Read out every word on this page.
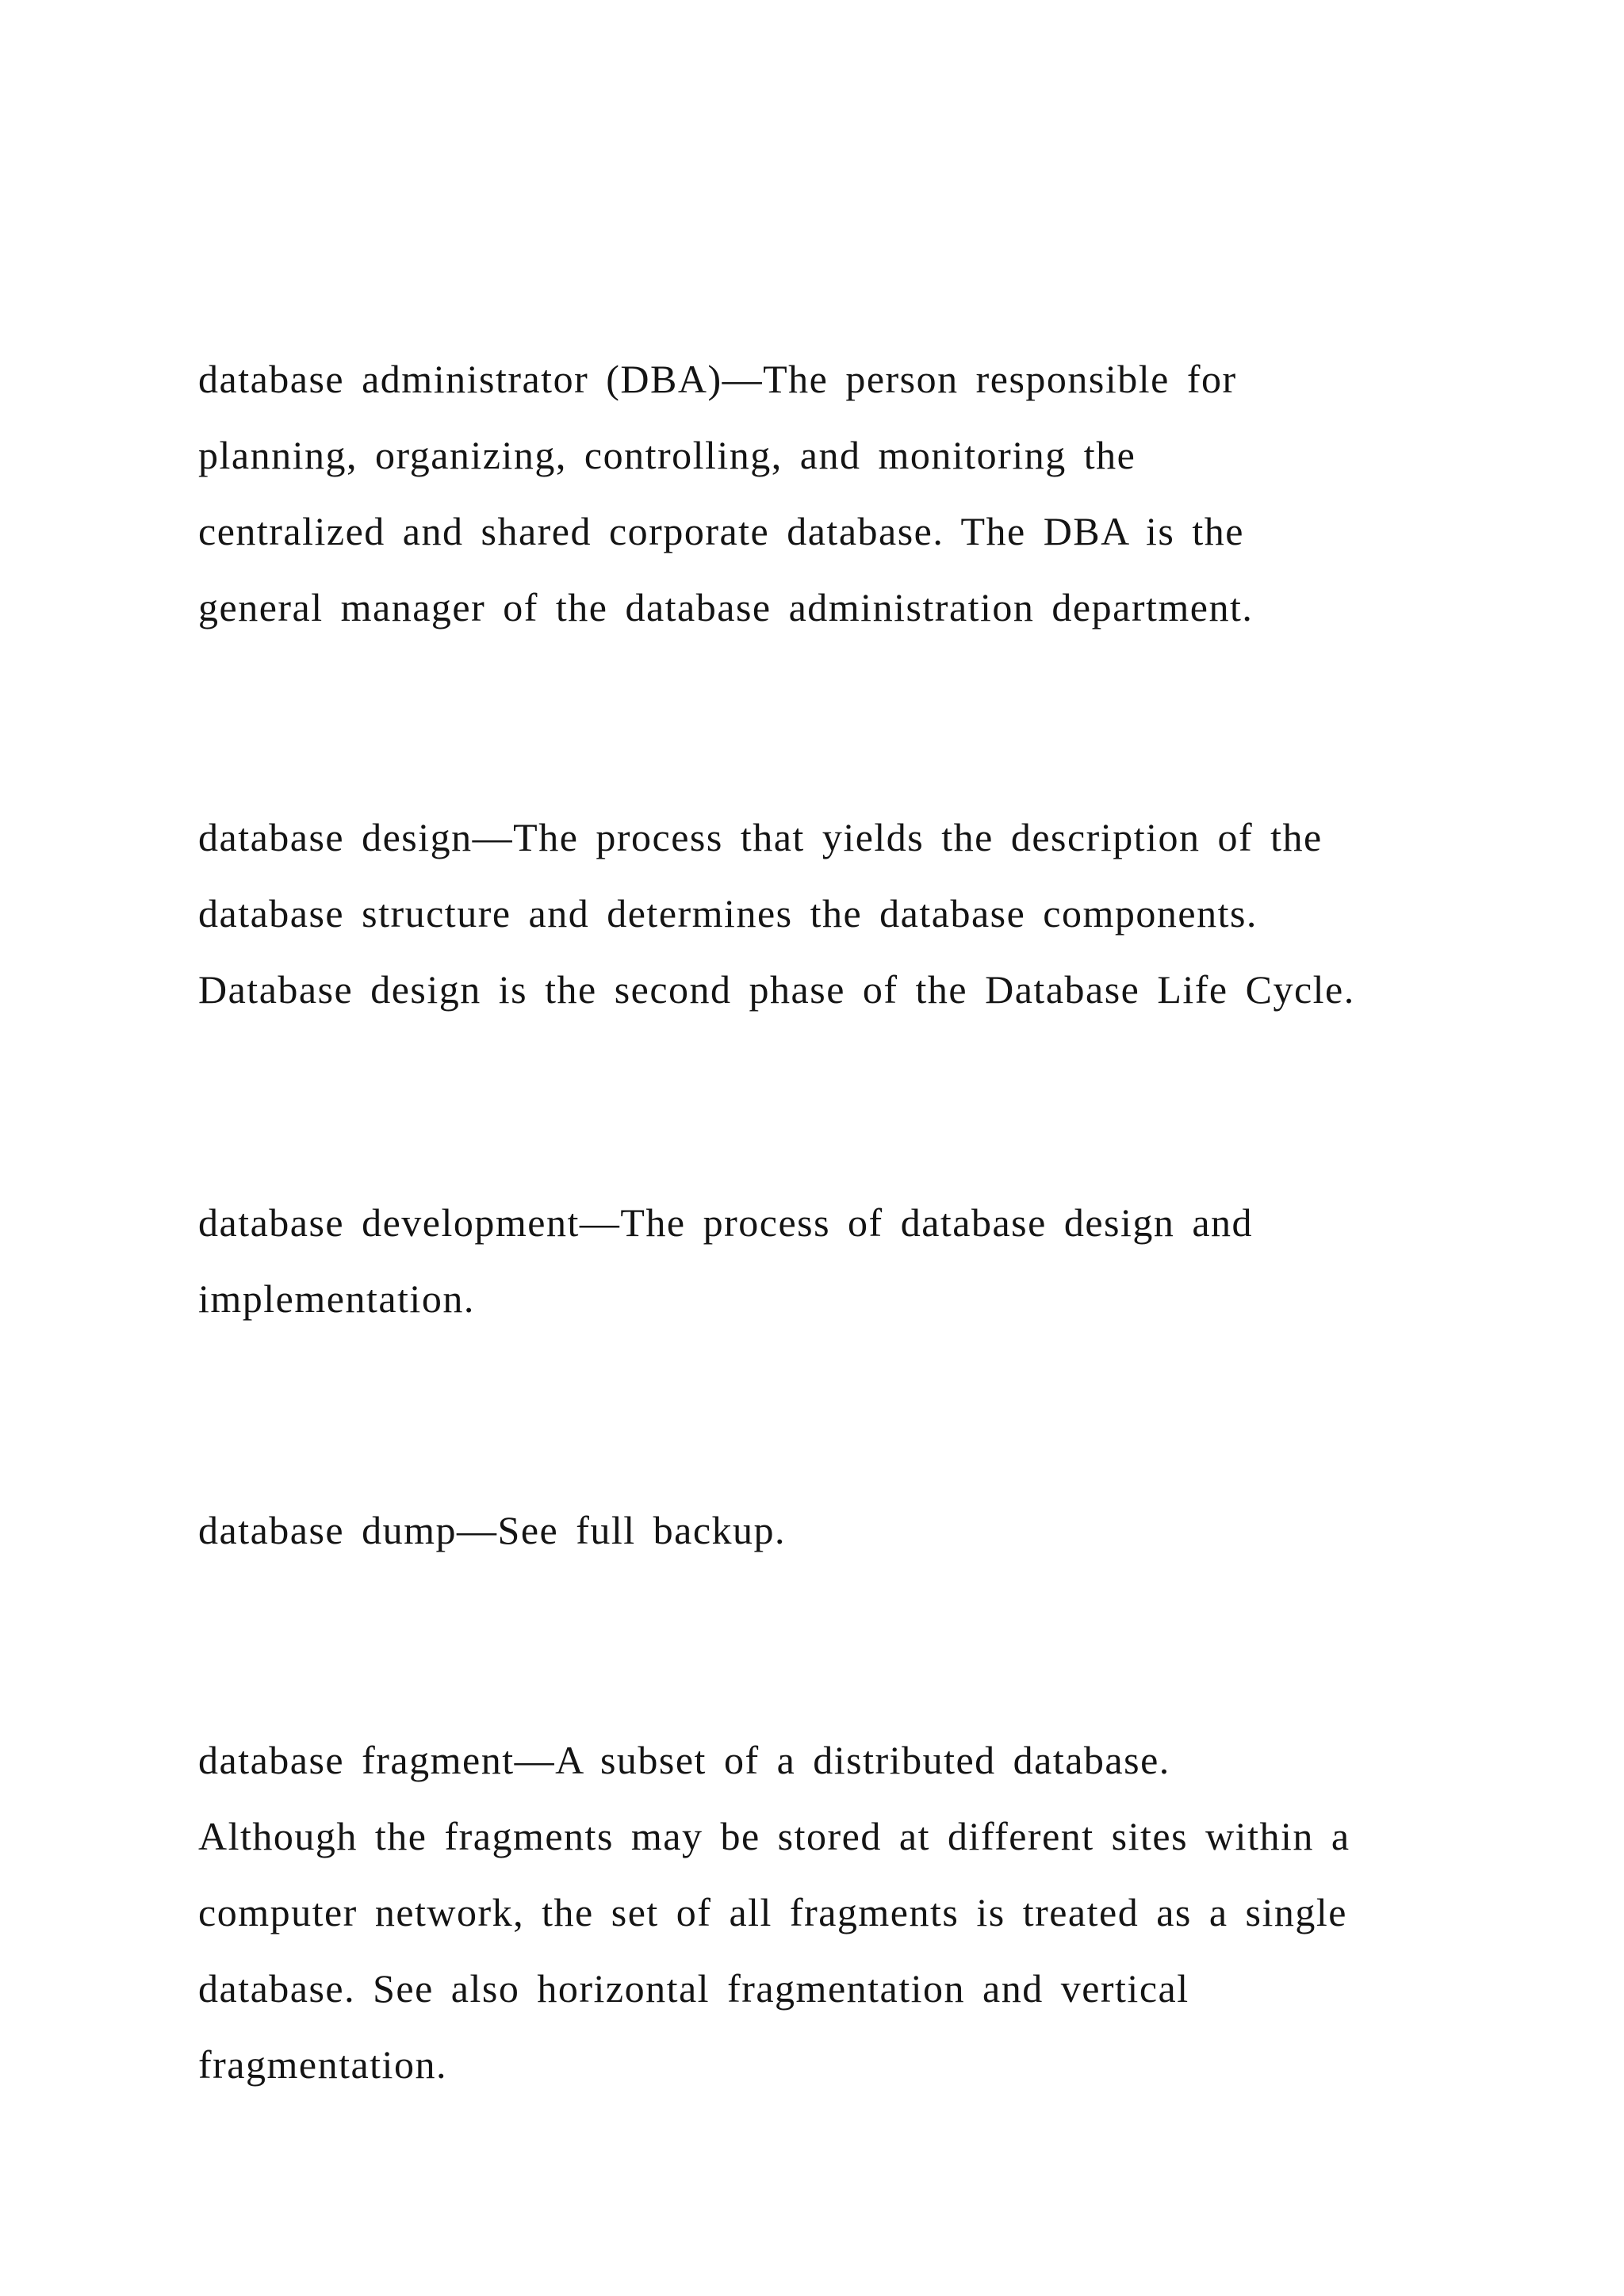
database administrator (DBA)—The person responsible for

planning, organizing, controlling, and monitoring the

centralized and shared corporate database. The DBA is the

general manager of the database administration department.

database design—The process that yields the description of the

database structure and determines the database components.

Database design is the second phase of the Database Life Cycle.

database development—The process of database design and

implementation.

database dump—See full backup.

database fragment—A subset of a distributed database.

Although the fragments may be stored at different sites within a

computer network, the set of all fragments is treated as a single

database. See also horizontal fragmentation and vertical

fragmentation.
